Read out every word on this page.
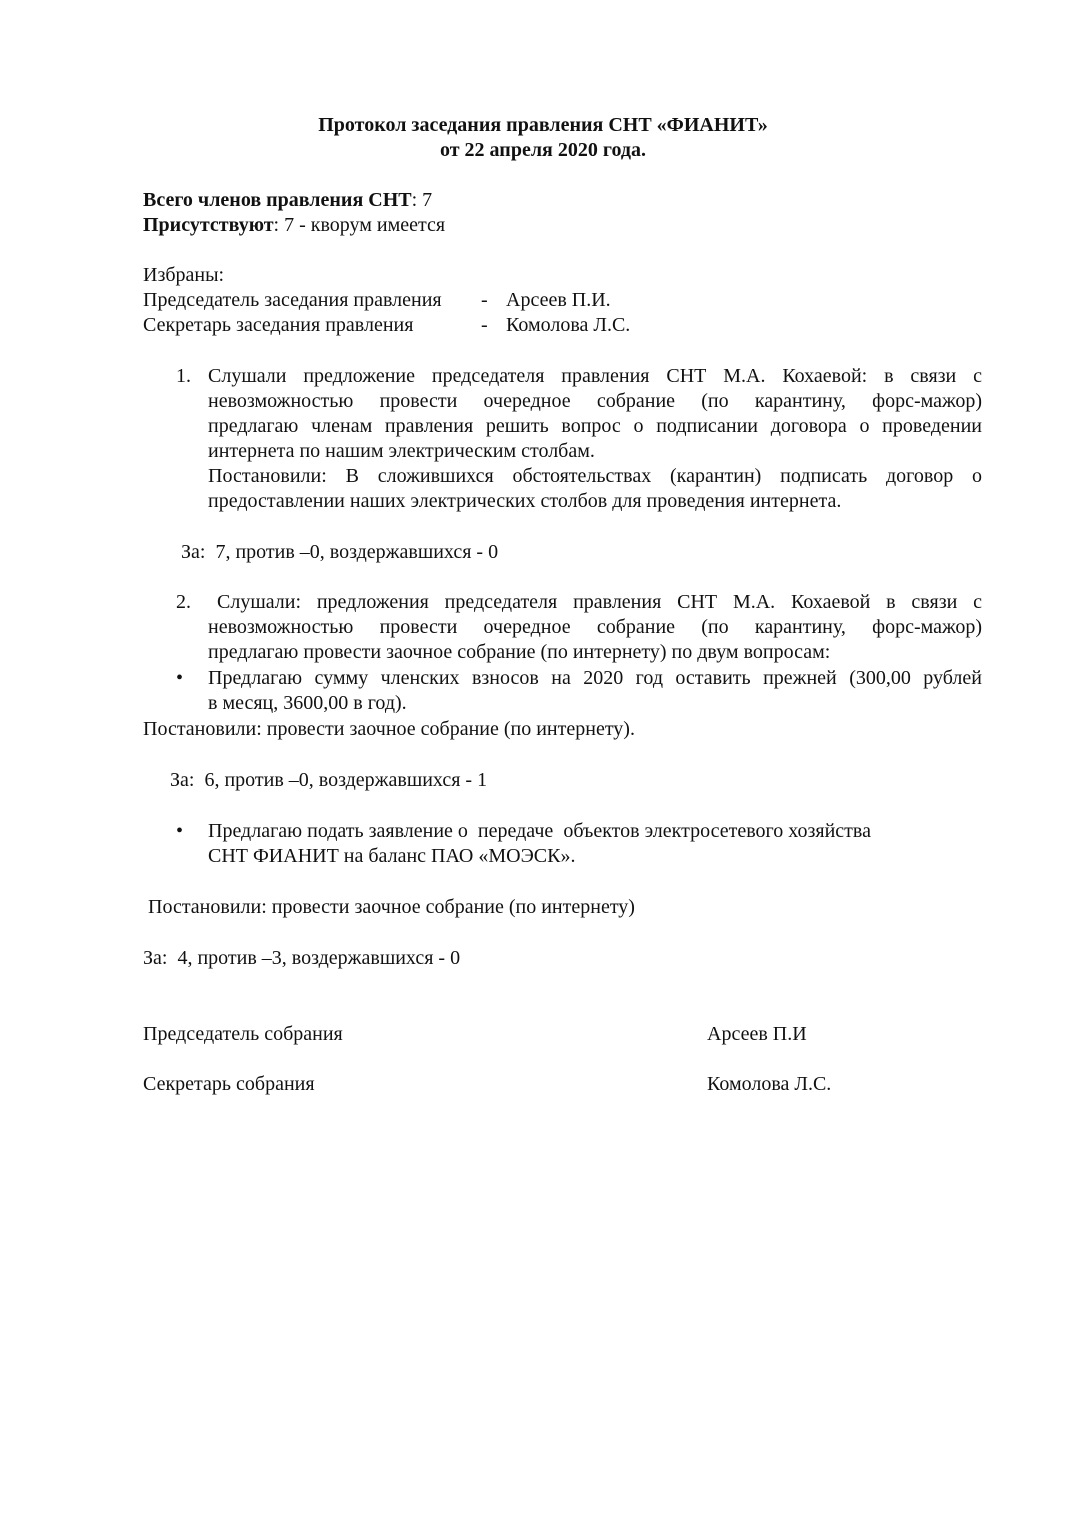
Протокол заседания правления СНТ «ФИАНИТ»
от 22 апреля 2020 года.
Всего членов правления СНТ: 7
Присутствуют: 7 - кворум имеется
Избраны:
Председатель заседания правления - Арсеев П.И.
Секретарь заседания правления	- Комолова Л.С.
1. Слушали предложение председателя правления СНТ М.А. Кохаевой: в связи с
невозможностью провести очередное собрание (по карантину, форс-мажор)
предлагаю членам правления решить вопрос о подписании договора о проведении
интернета по нашим электрическим столбам.
Постановили: В сложившихся обстоятельствах (карантин) подписать договор о
предоставлении наших электрических столбов для проведения интернета.
За:  7, против –0, воздержавшихся - 0
2. Слушали: предложения председателя правления СНТ М.А. Кохаевой в связи с
невозможностью провести очередное собрание (по карантину, форс-мажор)
предлагаю провести заочное собрание (по интернету) по двум вопросам:
• Предлагаю сумму членских взносов на 2020 год оставить прежней (300,00 рублей
в месяц, 3600,00 в год).
Постановили: провести заочное собрание (по интернету).
За:  6, против –0, воздержавшихся - 1
• Предлагаю подать заявление о  передаче  объектов электросетевого хозяйства
СНТ ФИАНИТ на баланс ПАО «МОЭСК».
Постановили: провести заочное собрание (по интернету)
За:  4, против –3, воздержавшихся - 0
Председатель собрания	Арсеев П.И
Секретарь собрания	Комолова Л.С.
